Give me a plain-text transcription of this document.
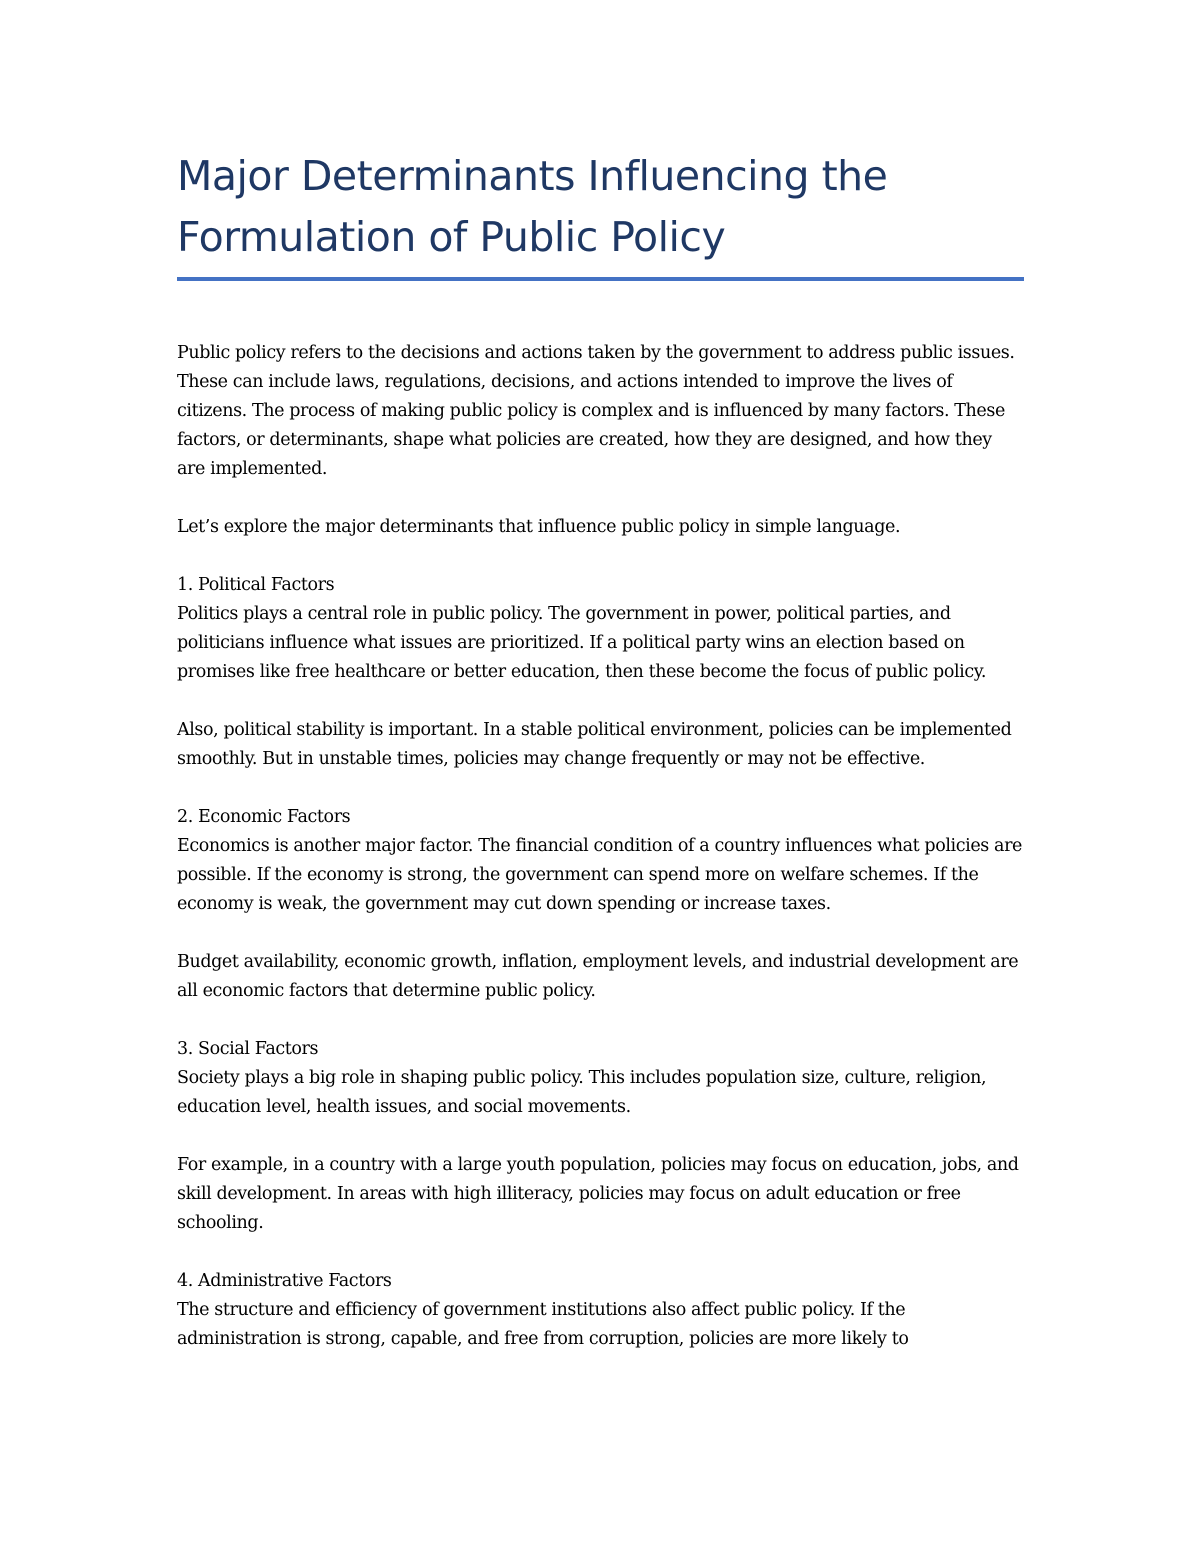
Major Determinants Influencing the Formulation of Public Policy

Public policy refers to the decisions and actions taken by the government to address public issues. These can include laws, regulations, decisions, and actions intended to improve the lives of citizens. The process of making public policy is complex and is influenced by many factors. These factors, or determinants, shape what policies are created, how they are designed, and how they are implemented.

Let’s explore the major determinants that influence public policy in simple language.

1. Political Factors

Politics plays a central role in public policy. The government in power, political parties, and politicians influence what issues are prioritized. If a political party wins an election based on promises like free healthcare or better education, then these become the focus of public policy.

Also, political stability is important. In a stable political environment, policies can be implemented smoothly. But in unstable times, policies may change frequently or may not be effective.

2. Economic Factors

Economics is another major factor. The financial condition of a country influences what policies are possible. If the economy is strong, the government can spend more on welfare schemes. If the economy is weak, the government may cut down spending or increase taxes.

Budget availability, economic growth, inflation, employment levels, and industrial development are all economic factors that determine public policy.

3. Social Factors

Society plays a big role in shaping public policy. This includes population size, culture, religion, education level, health issues, and social movements.

For example, in a country with a large youth population, policies may focus on education, jobs, and skill development. In areas with high illiteracy, policies may focus on adult education or free schooling.

4. Administrative Factors

The structure and efficiency of government institutions also affect public policy. If the administration is strong, capable, and free from corruption, policies are more likely to
